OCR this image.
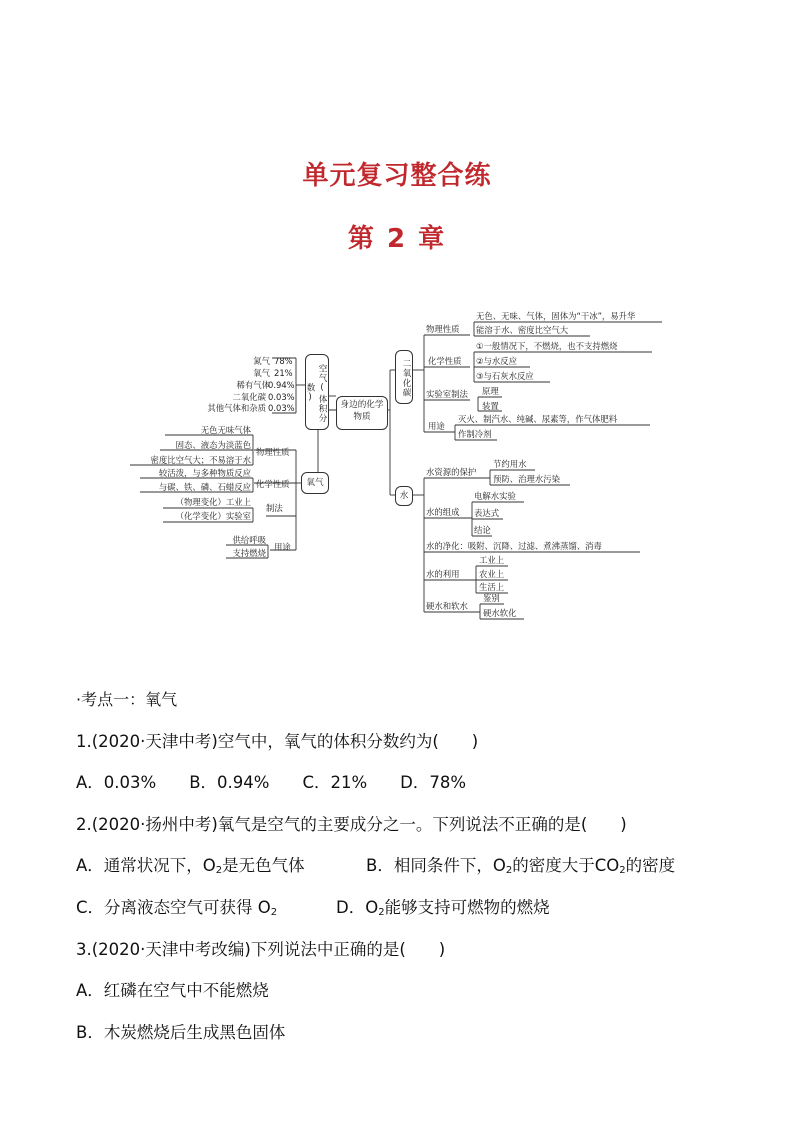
单元复习整合练
第 2 章
氮气 78%
氧气 21%
稀有气体
0.94%
二氧化碳 0.03%
其他气体和杂质 0.03%	空气(体积分数)
身边的化学物质
二氧化碳
物理性质
无色、无味、气体，固体为“干冰”，易升华
能溶于水、密度比空气大
化学性质
①一般情况下，不燃烧，也不支持燃烧
②与水反应
③与石灰水反应
实验室制法 原理
装置
用途
灭火、制汽水、纯碱、尿素等，作气体肥料
作制冷剂
水
水资源的保护
节约用水
预防、治理水污染
水的组成
电解水实验
表达式
结论
水的净化：吸附、沉降、过滤、煮沸蒸馏、消毒
水的利用
工业上
农业上
生活上
硬水和软水
鉴别
硬水软化
氧气
物理性质
无色无味气体
固态、液态为淡蓝色
密度比空气大；不易溶于水
化学性质
较活泼，与多种物质反应
与碳、铁、磷、石蜡反应
制法
（物理变化）工业上
（化学变化）实验室
用途
供给呼吸
支持燃烧
·考点一：氧气
1.(2020·天津中考)空气中，氧气的体积分数约为(　　)
A．0.03%　　B．0.94%　　C．21%　　D．78%
2.(2020·扬州中考)氧气是空气的主要成分之一。下列说法不正确的是(　　)
A．通常状况下，$O_2$是无色气体	B．相同条件下，$O_2$的密度大于$CO_2$的密度
C．分离液态空气可获得 $O_2$	D．$O_2$能够支持可燃物的燃烧
3.(2020·天津中考改编)下列说法中正确的是(　　)
A．红磷在空气中不能燃烧
B．木炭燃烧后生成黑色固体
